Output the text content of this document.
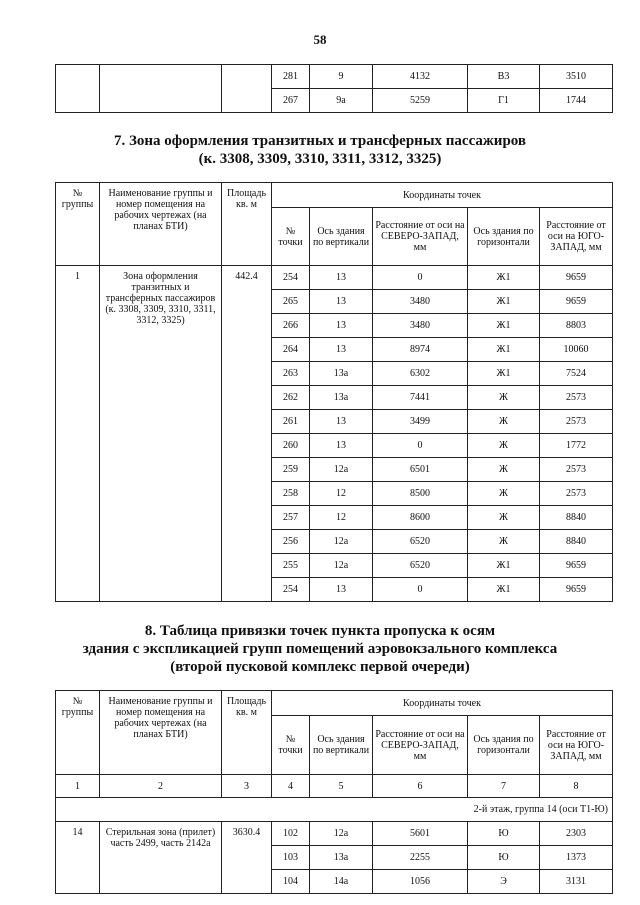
58
			281	9	4132	В3	3510
			267	9а	5259	Г1	1744
7. Зона оформления транзитных и трансферных пассажиров
(к. 3308, 3309, 3310, 3311, 3312, 3325)
№ группы	Наименование группы и номер помещения на рабочих чертежах (на планах БТИ)	Площадь кв. м	Координаты точек				
			№ точки	Ось здания по вертикали	Расстояние от оси на СЕВЕРО-ЗАПАД, мм	Ось здания по горизонтали	Расстояние от оси на ЮГО-ЗАПАД, мм
1	Зона оформления транзитных и трансферных пассажиров (к. 3308, 3309, 3310, 3311, 3312, 3325)	442.4	254	13	0	Ж1	9659
			265	13	3480	Ж1	9659
			266	13	3480	Ж1	8803
			264	13	8974	Ж1	10060
			263	13а	6302	Ж1	7524
			262	13а	7441	Ж	2573
			261	13	3499	Ж	2573
			260	13	0	Ж	1772
			259	12а	6501	Ж	2573
			258	12	8500	Ж	2573
			257	12	8600	Ж	8840
			256	12а	6520	Ж	8840
			255	12а	6520	Ж1	9659
			254	13	0	Ж1	9659
8. Таблица привязки точек пункта пропуска к осям
здания с экспликацией групп помещений аэровокзального комплекса
(второй пусковой комплекс первой очереди)
№ группы	Наименование группы и номер помещения на рабочих чертежах (на планах БТИ)	Площадь кв. м	Координаты точек				
			№ точки	Ось здания по вертикали	Расстояние от оси на СЕВЕРО-ЗАПАД, мм	Ось здания по горизонтали	Расстояние от оси на ЮГО-ЗАПАД, мм
1	2	3	4	5	6	7	8
2-й этаж, группа 14 (оси Т1-Ю)							
14	Стерильная зона (прилет) часть 2499, часть 2142а	3630.4	102	12а	5601	Ю	2303
			103	13а	2255	Ю	1373
			104	14а	1056	Э	3131
